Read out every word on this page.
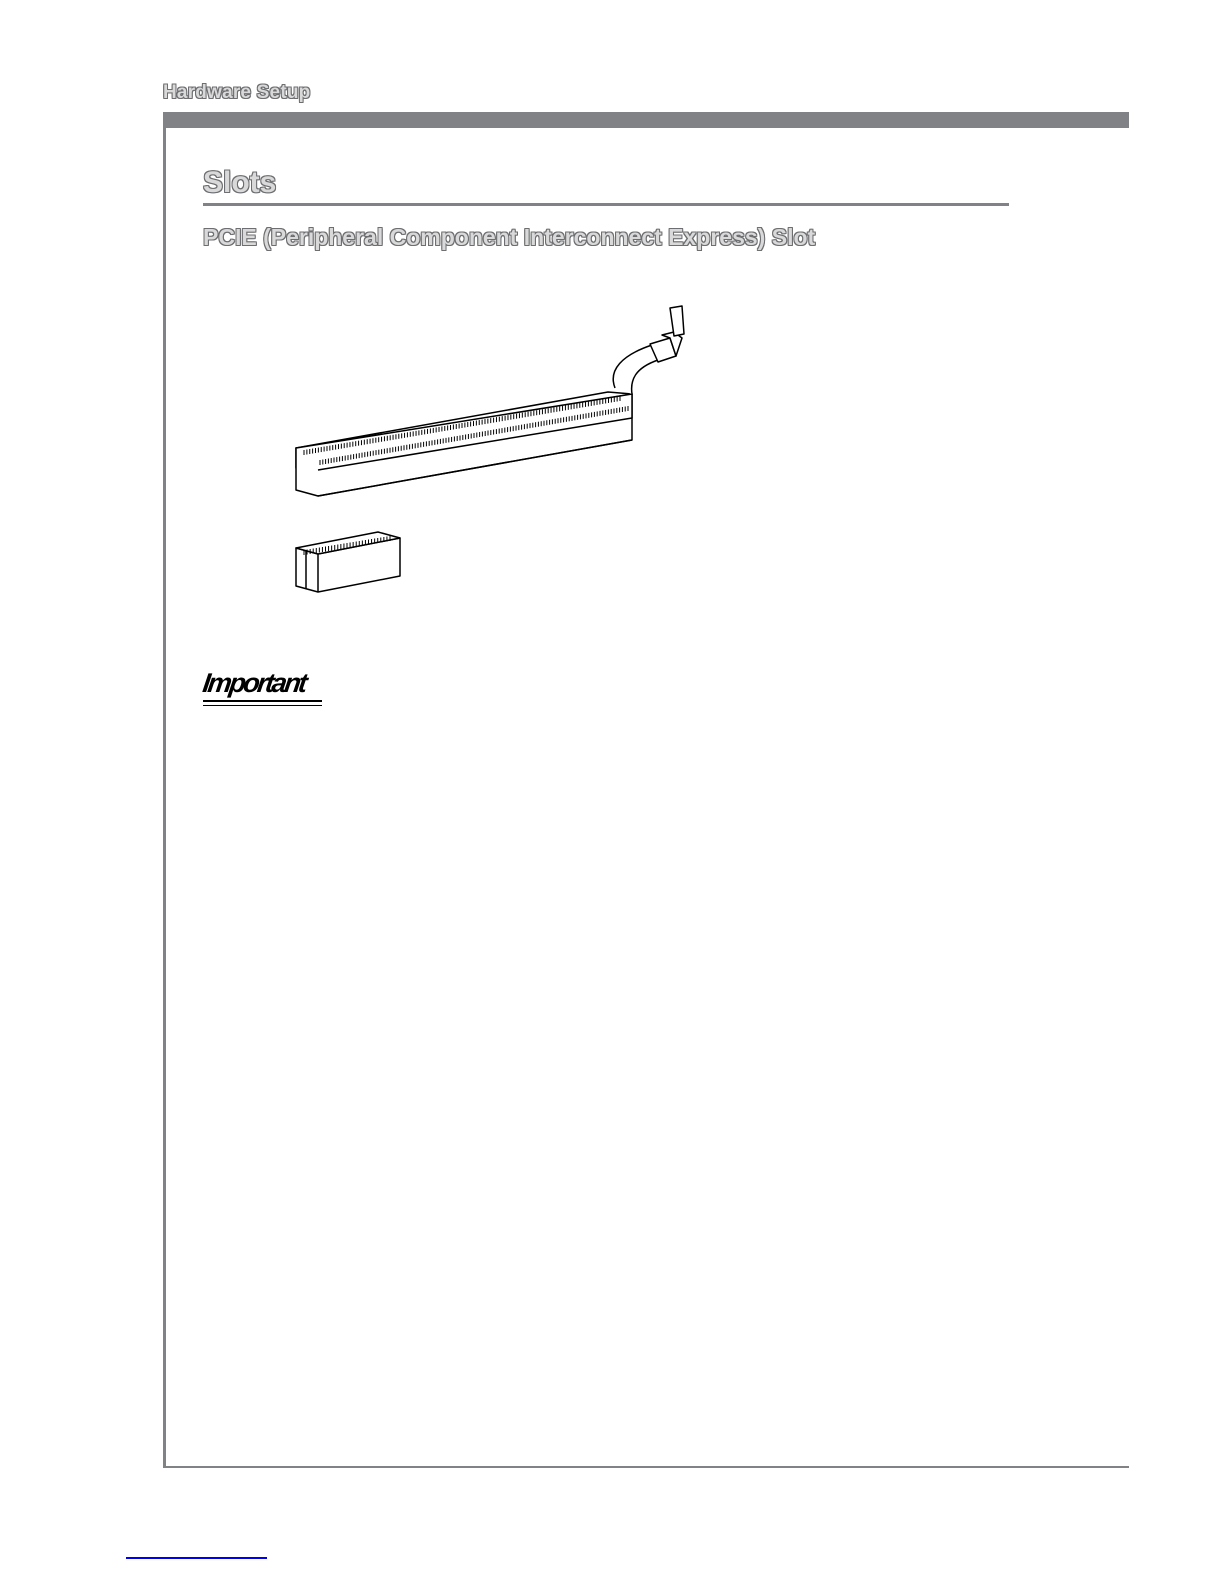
Hardware Setup
Slots
PCIE (Peripheral Component Interconnect Express) Slot
Important
